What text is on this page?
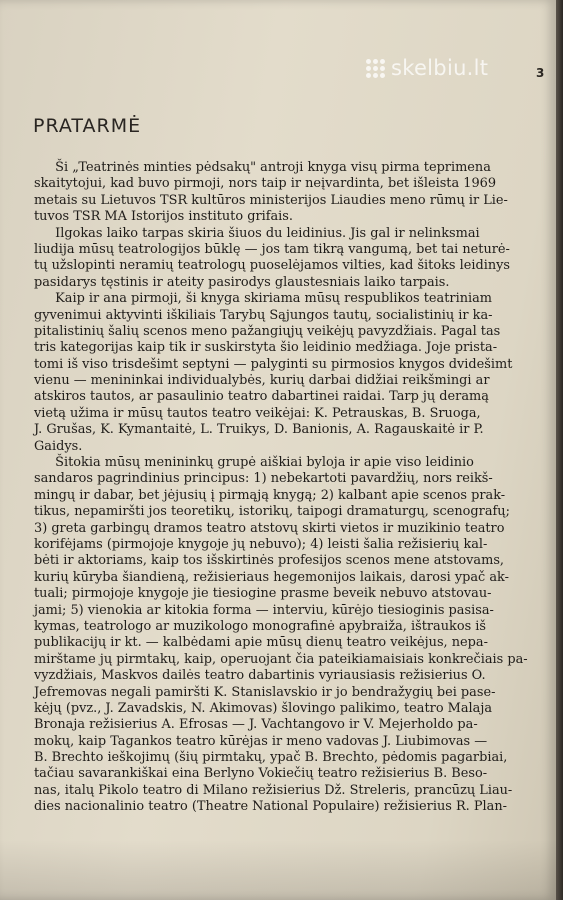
skelbiu.lt	3
PRATARMĖ
Ši „Teatrinės minties pėdsakų" antroji knyga visų pirma teprimena
skaitytojui, kad buvo pirmoji, nors taip ir neįvardinta, bet išleista 1969
metais su Lietuvos TSR kultūros ministerijos Liaudies meno rūmų ir Lie-
tuvos TSR MA Istorijos instituto grifais.
Ilgokas laiko tarpas skiria šiuos du leidinius. Jis gal ir nelinksmai
liudija mūsų teatrologijos būklę — jos tam tikrą vangumą, bet tai neturė-
tų užslopinti neramių teatrologų puoselėjamos vilties, kad šitoks leidinys
pasidarys tęstinis ir ateity pasirodys glaustesniais laiko tarpais.
Kaip ir ana pirmoji, ši knyga skiriama mūsų respublikos teatriniam
gyvenimui aktyvinti iškiliais Tarybų Sąjungos tautų, socialistinių ir ka-
pitalistinių šalių scenos meno pažangiųjų veikėjų pavyzdžiais. Pagal tas
tris kategorijas kaip tik ir suskirstyta šio leidinio medžiaga. Joje prista-
tomi iš viso trisdešimt septyni — palyginti su pirmosios knygos dvidešimt
vienu — menininkai individualybės, kurių darbai didžiai reikšmingi ar
atskiros tautos, ar pasaulinio teatro dabartinei raidai. Tarp jų deramą
vietą užima ir mūsų tautos teatro veikėjai: K. Petrauskas, B. Sruoga,
J. Grušas, K. Kymantaitė, L. Truikys, D. Banionis, A. Ragauskaitė ir P.
Gaidys.
Šitokia mūsų menininkų grupė aiškiai byloja ir apie viso leidinio
sandaros pagrindinius principus: 1) nebekartoti pavardžių, nors reikš-
mingų ir dabar, bet jėjusių į pirmąją knygą; 2) kalbant apie scenos prak-
tikus, nepamiršti jos teoretikų, istorikų, taipogi dramaturgų, scenografų;
3) greta garbingų dramos teatro atstovų skirti vietos ir muzikinio teatro
korifėjams (pirmojoje knygoje jų nebuvo); 4) leisti šalia režisierių kal-
bėti ir aktoriams, kaip tos išskirtinės profesijos scenos mene atstovams,
kurių kūryba šiandieną, režisieriaus hegemonijos laikais, darosi ypač ak-
tuali; pirmojoje knygoje jie tiesiogine prasme beveik nebuvo atstovau-
jami; 5) vienokia ar kitokia forma — interviu, kūrėjo tiesioginis pasisa-
kymas, teatrologo ar muzikologo monografinė apybraiža, ištraukos iš
publikacijų ir kt. — kalbėdami apie mūsų dienų teatro veikėjus, nepa-
mirštame jų pirmtakų, kaip, operuojant čia pateikiamaisiais konkrečiais pa-
vyzdžiais, Maskvos dailės teatro dabartinis vyriausiasis režisierius O.
Jefremovas negali pamiršti K. Stanislavskio ir jo bendražygių bei pase-
kėjų (pvz., J. Zavadskis, N. Akimovas) šlovingo palikimo, teatro Malaja
Bronaja režisierius A. Efrosas — J. Vachtangovo ir V. Mejerholdo pa-
mokų, kaip Tagankos teatro kūrėjas ir meno vadovas J. Liubimovas —
B. Brechto ieškojimų (šių pirmtakų, ypač B. Brechto, pėdomis pagarbiai,
tačiau savarankiškai eina Berlyno Vokiečių teatro režisierius B. Beso-
nas, italų Pikolo teatro di Milano režisierius Dž. Streleris, prancūzų Liau-
dies nacionalinio teatro (Theatre National Populaire) režisierius R. Plan-
